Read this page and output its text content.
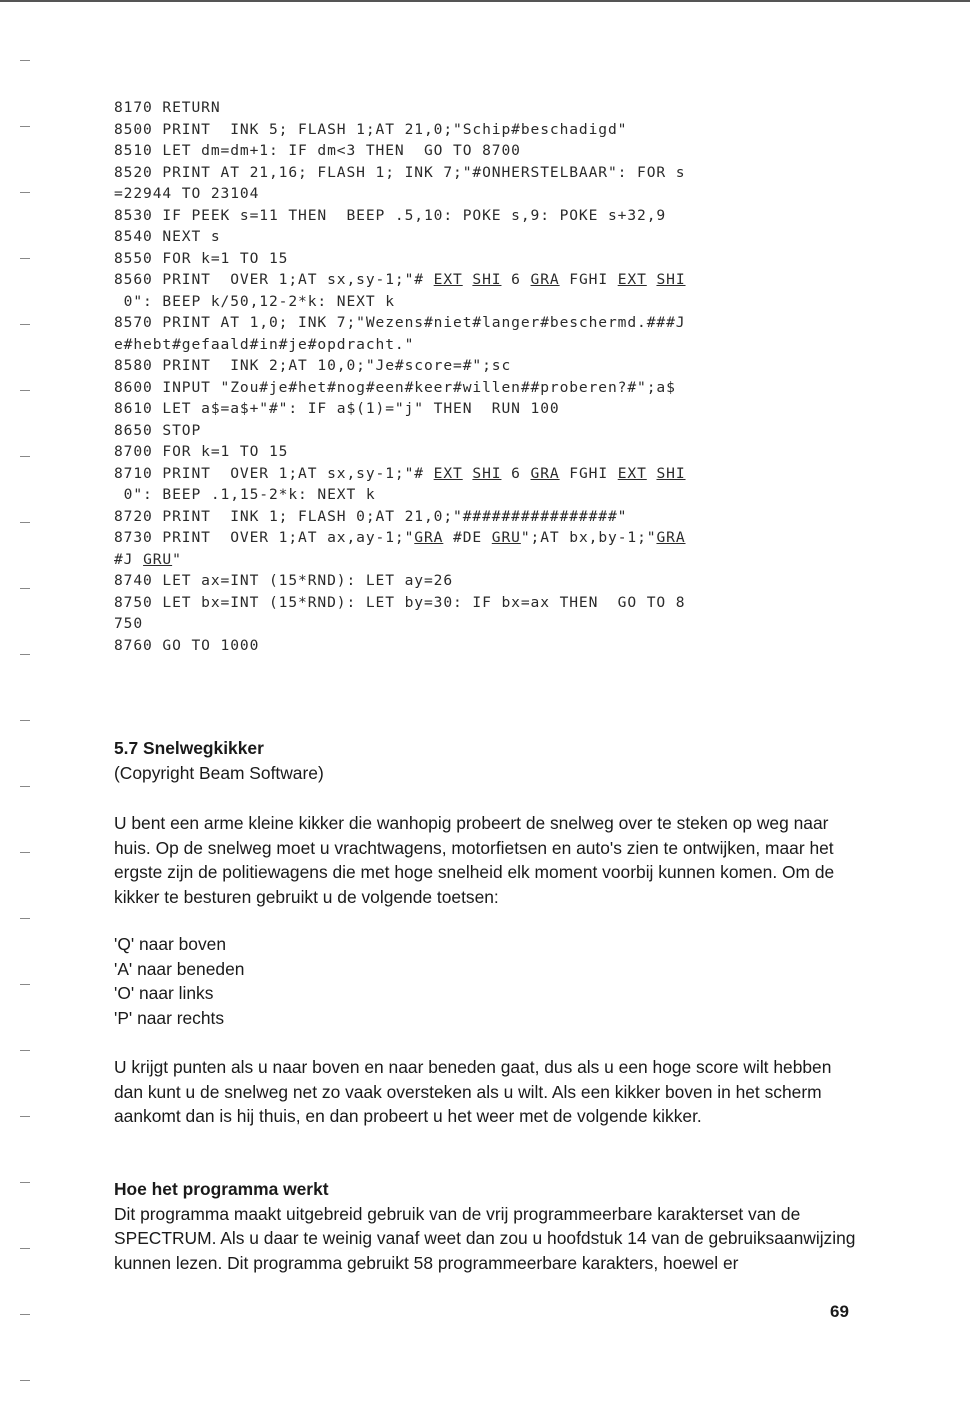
8170 RETURN
8500 PRINT  INK 5; FLASH 1;AT 21,0;"Schip#beschadigd"
8510 LET dm=dm+1: IF dm<3 THEN  GO TO 8700
8520 PRINT AT 21,16; FLASH 1; INK 7;"#ONHERSTELBAAR": FOR s
=22944 TO 23104
8530 IF PEEK s=11 THEN  BEEP .5,10: POKE s,9: POKE s+32,9
8540 NEXT s
8550 FOR k=1 TO 15
8560 PRINT  OVER 1;AT sx,sy-1;"# EXT SHI 6 GRA FGHI EXT SHI
0": BEEP k/50,12-2*k: NEXT k
8570 PRINT AT 1,0; INK 7;"Wezens#niet#langer#beschermd.###J
e#hebt#gefaald#in#je#opdracht."
8580 PRINT  INK 2;AT 10,0;"Je#score=#";sc
8600 INPUT "Zou#je#het#nog#een#keer#willen##proberen?#";a$
8610 LET a$=a$+"#": IF a$(1)="j" THEN  RUN 100
8650 STOP
8700 FOR k=1 TO 15
8710 PRINT  OVER 1;AT sx,sy-1;"# EXT SHI 6 GRA FGHI EXT SHI
0": BEEP .1,15-2*k: NEXT k
8720 PRINT  INK 1; FLASH 0;AT 21,0;"################"
8730 PRINT  OVER 1;AT ax,ay-1;"GRA #DE GRU";AT bx,by-1;"GRA
#J GRU"
8740 LET ax=INT (15*RND): LET ay=26
8750 LET bx=INT (15*RND): LET by=30: IF bx=ax THEN  GO TO 8
750
8760 GO TO 1000

5.7 Snelwegkikker

(Copyright Beam Software)

U bent een arme kleine kikker die wanhopig probeert de snelweg over te steken op weg naar huis. Op de snelweg moet u vrachtwagens, motorfietsen en auto's zien te ontwijken, maar het ergste zijn de politiewagens die met hoge snelheid elk moment voorbij kunnen komen. Om de kikker te besturen gebruikt u de volgende toetsen:

'Q' naar boven

'A' naar beneden

'O' naar links

'P' naar rechts

U krijgt punten als u naar boven en naar beneden gaat, dus als u een hoge score wilt hebben dan kunt u de snelweg net zo vaak oversteken als u wilt. Als een kikker boven in het scherm aankomt dan is hij thuis, en dan probeert u het weer met de volgende kikker.

Hoe het programma werkt

Dit programma maakt uitgebreid gebruik van de vrij programmeerbare karakterset van de SPECTRUM. Als u daar te weinig vanaf weet dan zou u hoofdstuk 14 van de gebruiksaanwijzing kunnen lezen. Dit programma gebruikt 58 programmeerbare karakters, hoewel er

69
